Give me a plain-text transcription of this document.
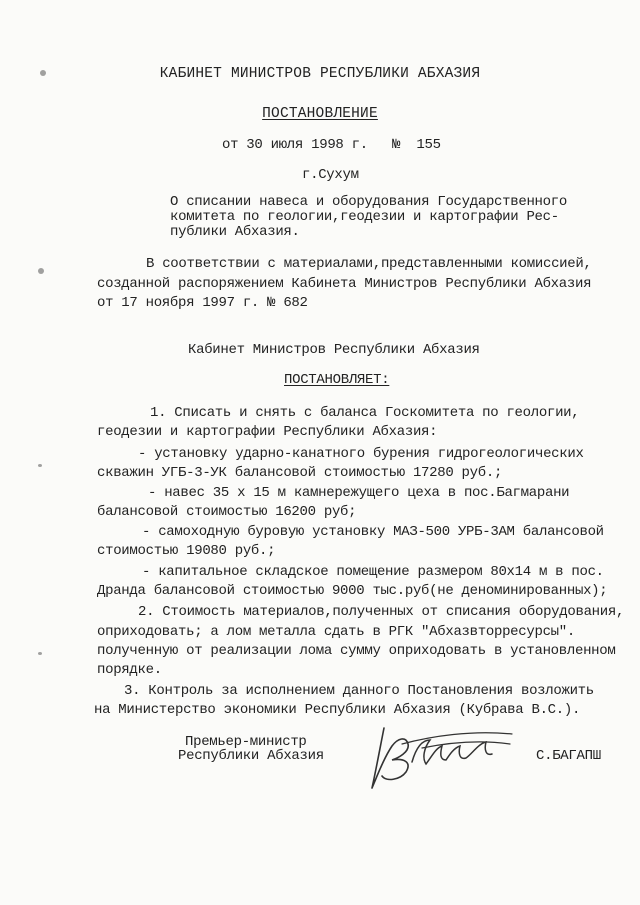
КАБИНЕТ МИНИСТРОВ РЕСПУБЛИКИ АБХАЗИЯ
ПОСТАНОВЛЕНИЕ
от 30 июля 1998 г.   №  155
г.Сухум
О списании навеса и оборудования Государственного
комитета по геологии,геодезии и картографии Рес-
публики Абхазия.
В соответствии с материалами,представленными комиссией,
созданной распоряжением Кабинета Министров Республики Абхазия
от 17 ноября 1997 г. № 682
Кабинет Министров Республики Абхазия
ПОСТАНОВЛЯЕТ:
1. Списать и снять с баланса Госкомитета по геологии,
геодезии и картографии Республики Абхазия:
- установку ударно-канатного бурения гидрогеологических
скважин УГБ-3-УК балансовой стоимостью 17280 руб.;
- навес 35 х 15 м камнережущего цеха в пос.Багмарани
балансовой стоимостью 16200 руб;
- самоходную буровую установку МАЗ-500 УРБ-3АМ балансовой
стоимостью 19080 руб.;
- капитальное складское помещение размером 80х14 м в пос.
Дранда балансовой стоимостью 9000 тыс.руб(не деноминированных);
2. Стоимость материалов,полученных от списания оборудования,
оприходовать; а лом металла сдать в РГК "Абхазвторресурсы".
полученную от реализации лома сумму оприходовать в установленном
порядке.
3. Контроль за исполнением данного Постановления возложить
на Министерство экономики Республики Абхазия (Кубрава В.С.).
Премьер-министр
Республики Абхазия	С.БАГАПШ
